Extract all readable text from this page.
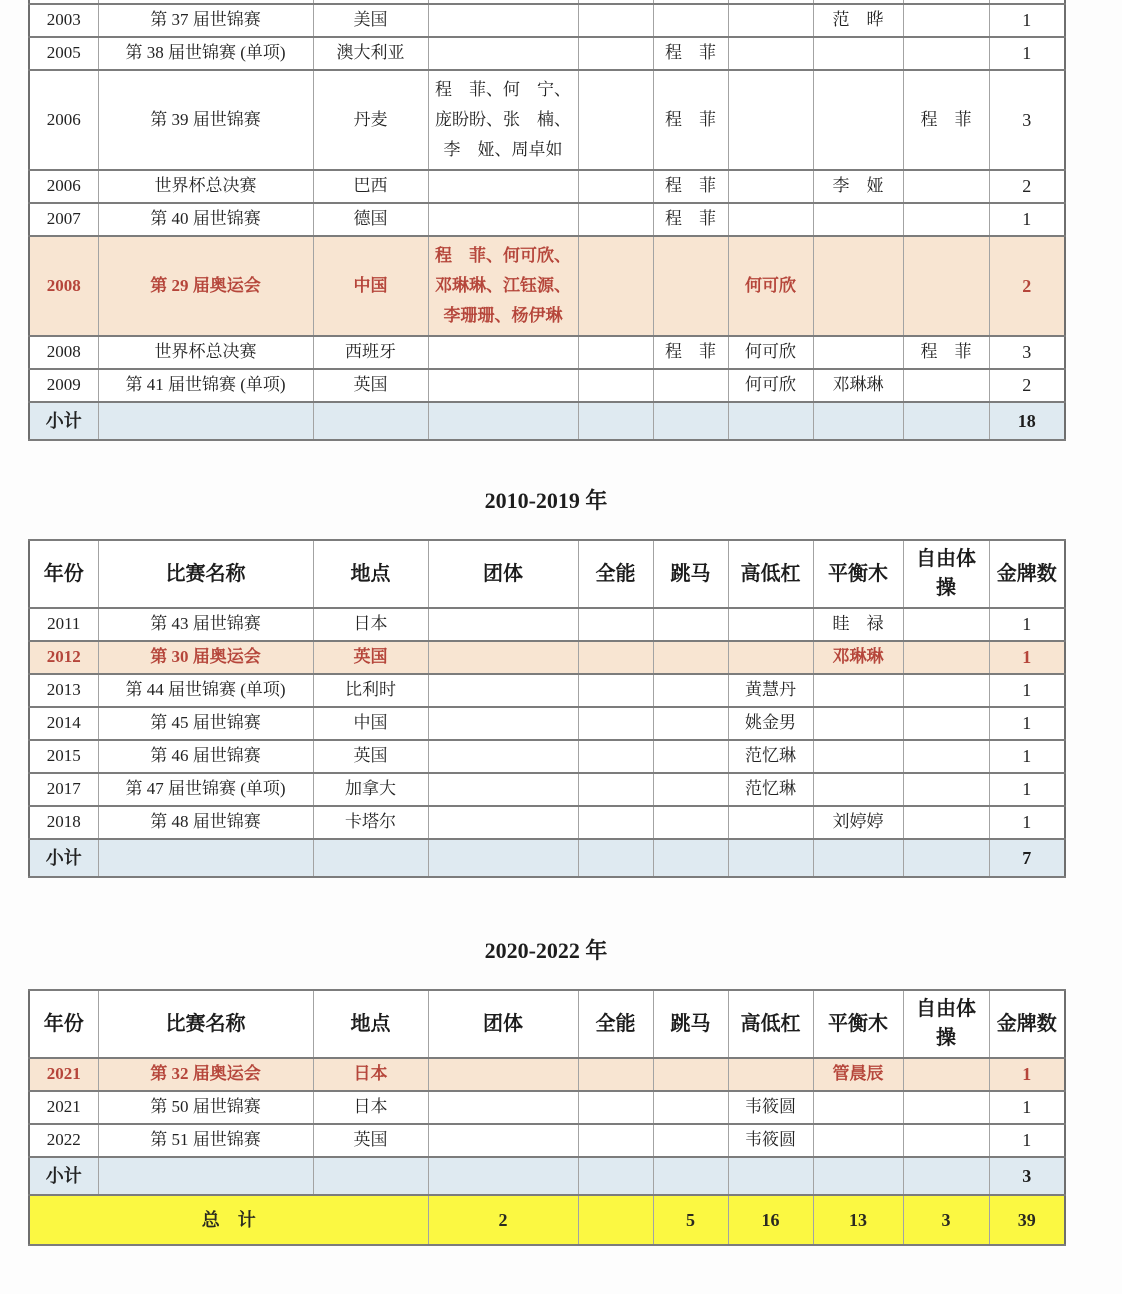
2003	第 37 届世锦赛	美国					范　晔		1
2005	第 38 届世锦赛 (单项)	澳大利亚			程　菲				1
2006	第 39 届世锦赛	丹麦	程　菲、何　宁、庞盼盼、张　楠、李　娅、周卓如		程　菲			程　菲	3
2006	世界杯总决赛	巴西			程　菲		李　娅		2
2007	第 40 届世锦赛	德国			程　菲				1
2008	第 29 届奥运会	中国	程　菲、何可欣、邓琳琳、江钰源、李珊珊、杨伊琳			何可欣			2
2008	世界杯总决赛	西班牙			程　菲	何可欣		程　菲	3
2009	第 41 届世锦赛 (单项)	英国				何可欣	邓琳琳		2
小计									18
2010-2019 年
年份	比赛名称	地点	团体	全能	跳马	高低杠	平衡木	自由体操	金牌数
2011	第 43 届世锦赛	日本					眭　禄		1
2012	第 30 届奥运会	英国					邓琳琳		1
2013	第 44 届世锦赛 (单项)	比利时				黄慧丹			1
2014	第 45 届世锦赛	中国				姚金男			1
2015	第 46 届世锦赛	英国				范忆琳			1
2017	第 47 届世锦赛 (单项)	加拿大				范忆琳			1
2018	第 48 届世锦赛	卡塔尔					刘婷婷		1
小计									7
2020-2022 年
年份	比赛名称	地点	团体	全能	跳马	高低杠	平衡木	自由体操	金牌数
2021	第 32 届奥运会	日本					管晨辰		1
2021	第 50 届世锦赛	日本				韦筱圆			1
2022	第 51 届世锦赛	英国				韦筱圆			1
小计									3
总　计			2		5	16	13	3	39
